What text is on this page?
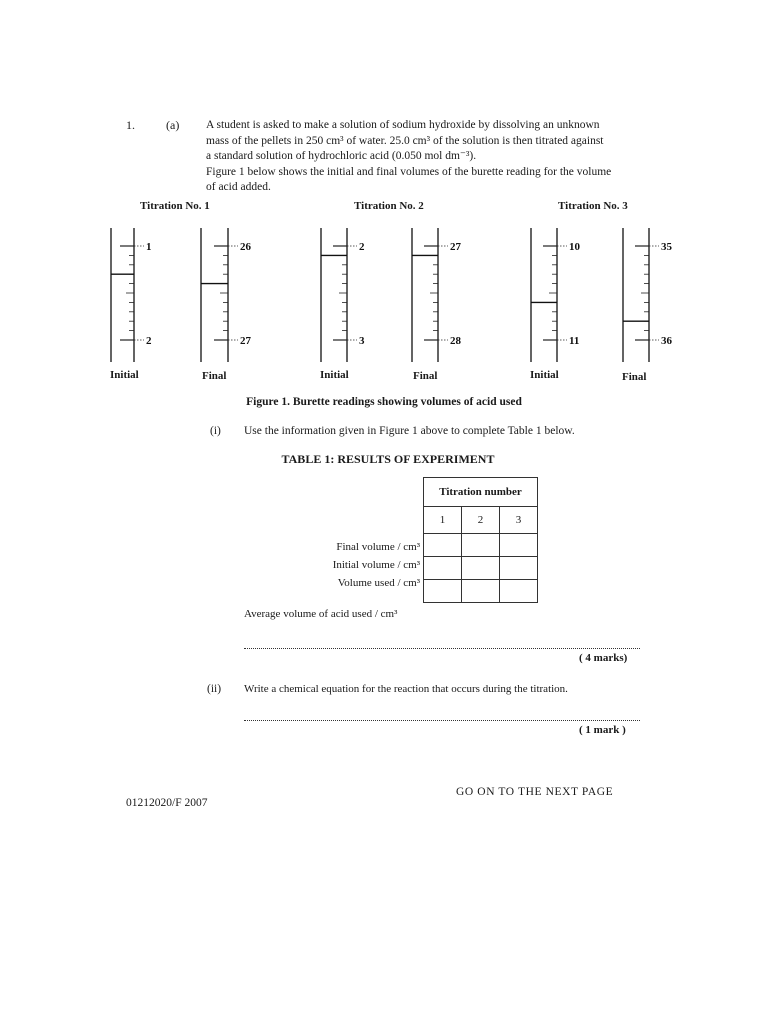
1.	(a) A student is asked to make a solution of sodium hydroxide by dissolving an unknown

mass of the pellets in 250 cm³ of water. 25.0 cm³ of the solution is then titrated against

a standard solution of hydrochloric acid (0.050 mol dm⁻³).

Figure 1 below shows the initial and final volumes of the burette reading for the volume

of acid added.

Titration No. 1	Titration No. 2	Titration No. 3
1
2
26
27
2
3
27
28
10
11
35
36
Initial	Final	Initial	Final	Initial	Final
Figure 1. Burette readings showing volumes of acid used
(i) Use the information given in Figure 1 above to complete Table 1 below.
TABLE 1: RESULTS OF EXPERIMENT
Titration number		
1	2	3

Final volume / cm³
Initial volume / cm³
Volume used / cm³
Average volume of acid used / cm³
( 4 marks)
(ii) Write a chemical equation for the reaction that occurs during the titration.
( 1 mark )
GO ON TO THE NEXT PAGE
01212020/F 2007
